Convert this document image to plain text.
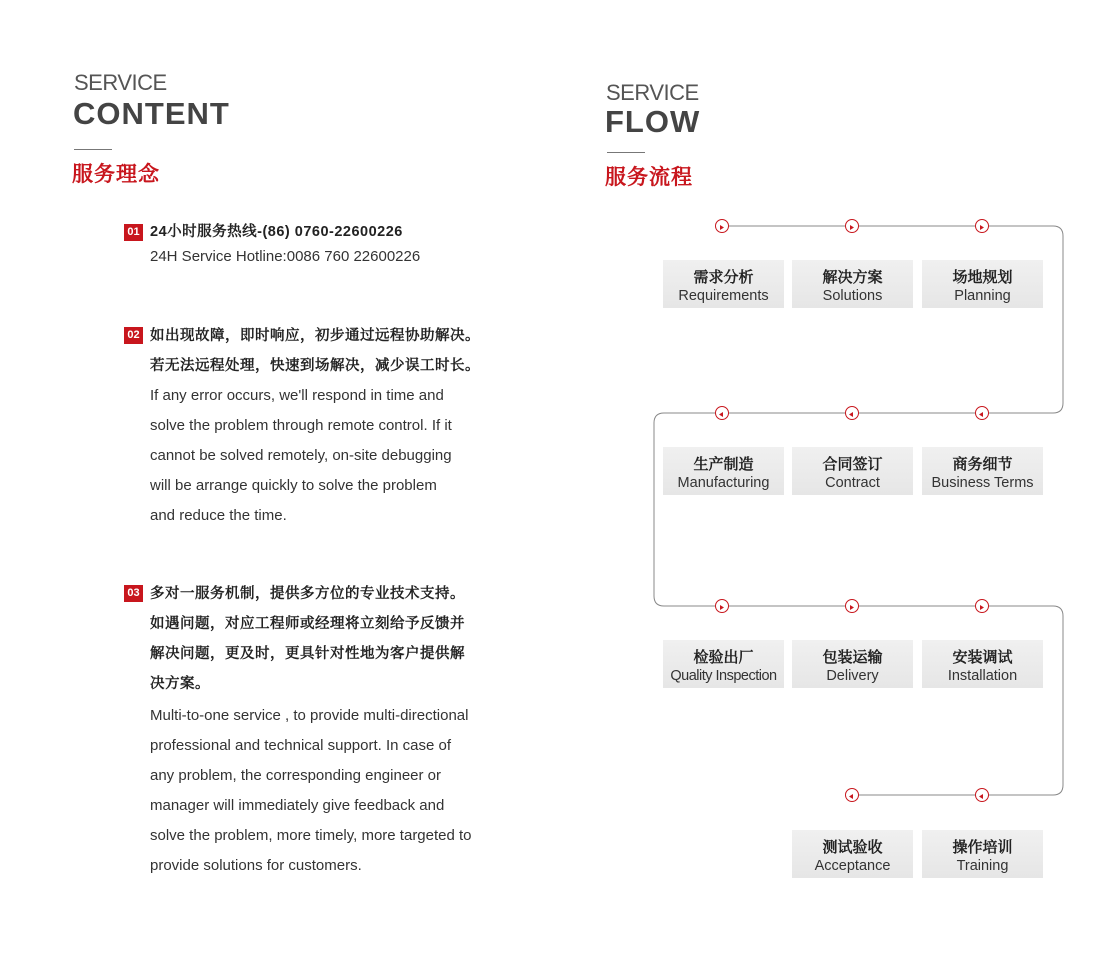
SERVICE
CONTENT
服务理念
01 24小时服务热线-(86) 0760-22600226
24H Service Hotline:0086 760 22600226
02 如出现故障，即时响应，初步通过远程协助解决。
若无法远程处理，快速到场解决，减少误工时长。
If any error occurs, we'll respond in time and
solve the problem through remote control. If it
cannot be solved remotely, on-site debugging
will be arrange quickly to solve the problem
and reduce the time.
03 多对一服务机制，提供多方位的专业技术支持。
如遇问题，对应工程师或经理将立刻给予反馈并
解决问题，更及时，更具针对性地为客户提供解
决方案。
Multi-to-one service , to provide multi-directional
professional and technical support. In case of
any problem, the corresponding engineer or
manager will immediately give feedback and
solve the problem, more timely, more targeted to
provide solutions for customers.
SERVICE
FLOW
服务流程
需求分析
Requirements
解决方案
Solutions
场地规划
Planning
生产制造
Manufacturing
合同签订
Contract
商务细节
Business Terms
检验出厂
Quality Inspection
包装运输
Delivery
安装调试
Installation
测试验收
Acceptance
操作培训
Training
